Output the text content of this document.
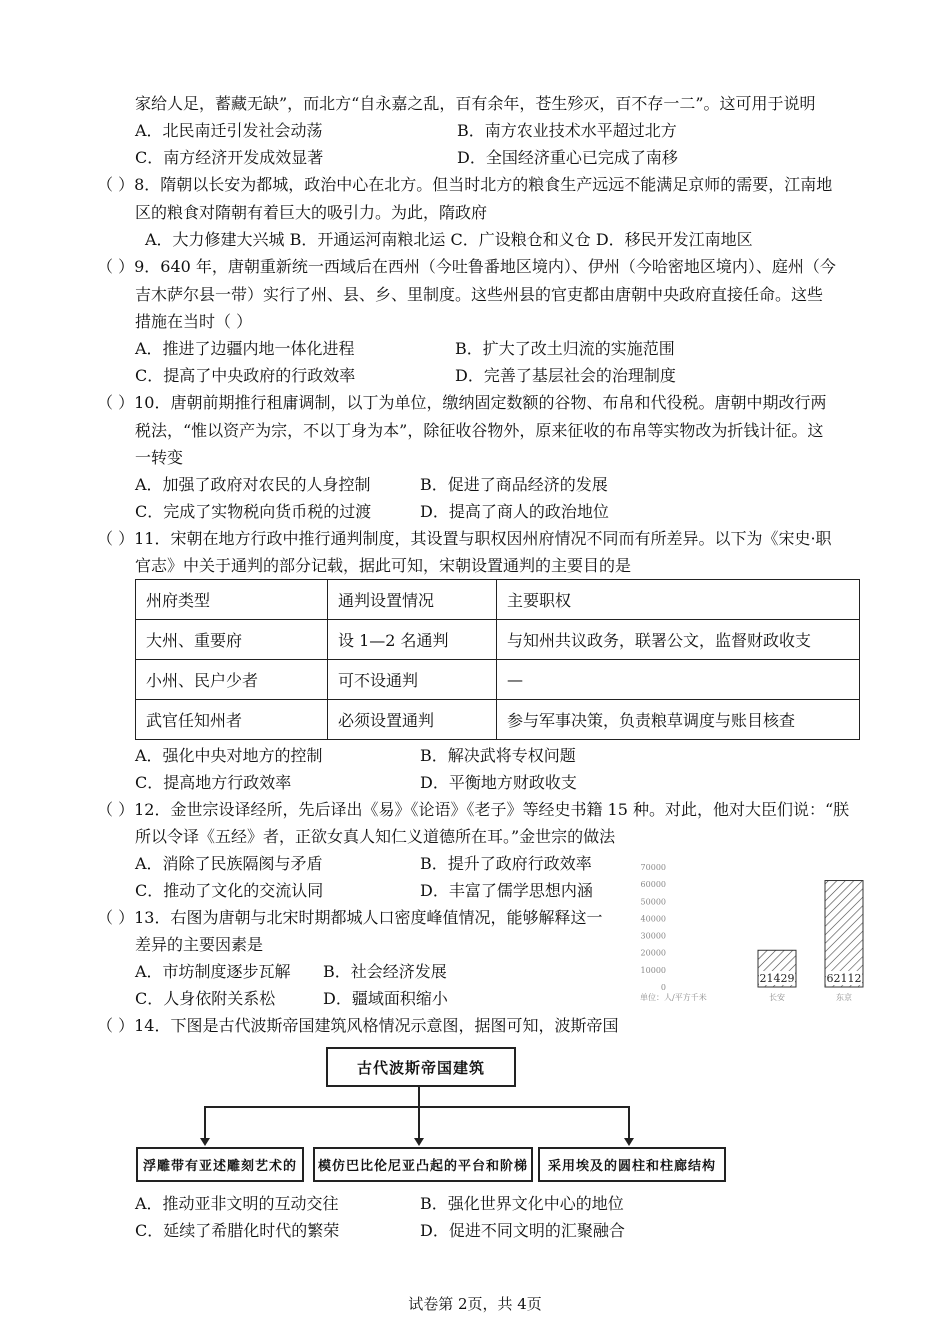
家给人足，蓄藏无缺”，而北方“自永嘉之乱，百有余年，苍生殄灭，百不存一二”。这可用于说明
A．北民南迁引发社会动荡	B．南方农业技术水平超过北方
C．南方经济开发成效显著	D．全国经济重心已完成了南移
（ ）8．隋朝以长安为都城，政治中心在北方。但当时北方的粮食生产远远不能满足京师的需要，江南地
区的粮食对隋朝有着巨大的吸引力。为此，隋政府
A．大力修建大兴城 B．开通运河南粮北运 C．广设粮仓和义仓 D．移民开发江南地区
（ ）9．640 年，唐朝重新统一西域后在西州（今吐鲁番地区境内）、伊州（今哈密地区境内）、庭州（今
吉木萨尔县一带）实行了州、县、乡、里制度。这些州县的官吏都由唐朝中央政府直接任命。这些
措施在当时（ ）
A．推进了边疆内地一体化进程	B．扩大了改土归流的实施范围
C．提高了中央政府的行政效率	D．完善了基层社会的治理制度
（ ）10．唐朝前期推行租庸调制，以丁为单位，缴纳固定数额的谷物、布帛和代役税。唐朝中期改行两
税法，“惟以资产为宗，不以丁身为本”，除征收谷物外，原来征收的布帛等实物改为折钱计征。这
一转变
A．加强了政府对农民的人身控制	B．促进了商品经济的发展
C．完成了实物税向货币税的过渡	D．提高了商人的政治地位
（ ）11．宋朝在地方行政中推行通判制度，其设置与职权因州府情况不同而有所差异。以下为《宋史·职
官志》中关于通判的部分记载，据此可知，宋朝设置通判的主要目的是
州府类型	通判设置情况	主要职权
大州、重要府	设 1—2 名通判	与知州共议政务，联署公文，监督财政收支
小州、民户少者	可不设通判	—
武官任知州者	必须设置通判	参与军事决策，负责粮草调度与账目核查
A．强化中央对地方的控制	B．解决武将专权问题
C．提高地方行政效率	D．平衡地方财政收支
（ ）12．金世宗设译经所，先后译出《易》《论语》《老子》等经史书籍 15 种。对此，他对大臣们说：“朕
所以令译《五经》者，正欲女真人知仁义道德所在耳。”金世宗的做法
A．消除了民族隔阂与矛盾	B．提升了政府行政效率
C．推动了文化的交流认同	D．丰富了儒学思想内涵
（ ）13．右图为唐朝与北宋时期都城人口密度峰值情况，能够解释这一
差异的主要因素是
A．市坊制度逐步瓦解 B．社会经济发展
C．人身依附关系松	D．疆域面积缩小
0
10000
20000
30000
40000
50000
60000
70000
21429
长安
62112
东京
单位：人/平方千米
（ ）14．下图是古代波斯帝国建筑风格情况示意图，据图可知，波斯帝国
古代波斯帝国建筑
浮雕带有亚述雕刻艺术的	模仿巴比伦尼亚凸起的平台和阶梯	采用埃及的圆柱和柱廊结构
A．推动亚非文明的互动交往	B．强化世界文化中心的地位
C．延续了希腊化时代的繁荣	D．促进不同文明的汇聚融合
试卷第 2页，共 4页
